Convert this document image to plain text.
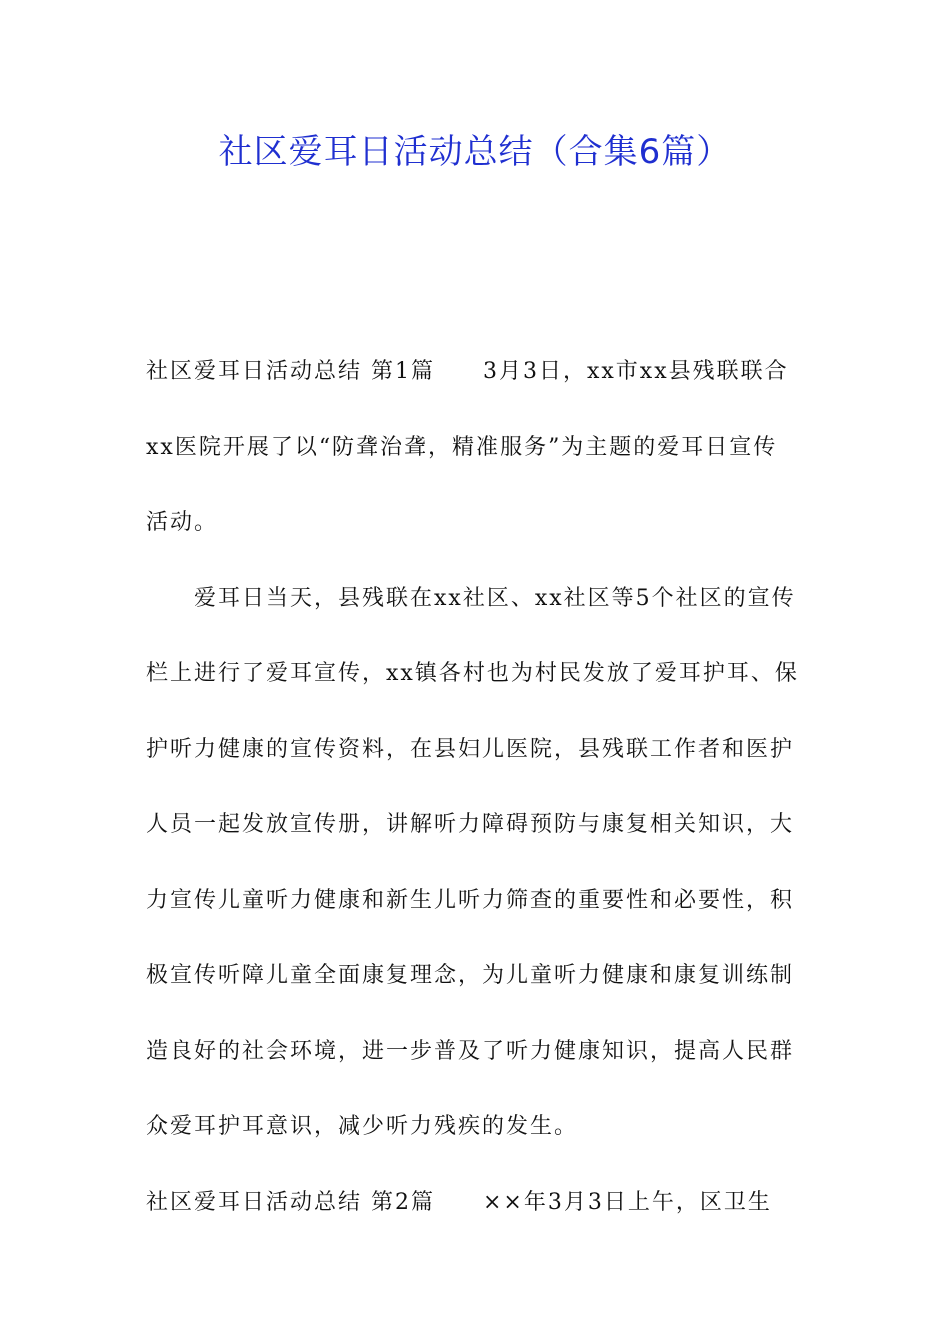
社区爱耳日活动总结（合集6篇）
社区爱耳日活动总结 第1篇 3月3日，xx市xx县残联联合
xx医院开展了以“防聋治聋，精准服务”为主题的爱耳日宣传
活动。
爱耳日当天，县残联在xx社区、xx社区等5个社区的宣传
栏上进行了爱耳宣传，xx镇各村也为村民发放了爱耳护耳、保
护听力健康的宣传资料，在县妇儿医院，县残联工作者和医护
人员一起发放宣传册，讲解听力障碍预防与康复相关知识，大
力宣传儿童听力健康和新生儿听力筛查的重要性和必要性，积
极宣传听障儿童全面康复理念，为儿童听力健康和康复训练制
造良好的社会环境，进一步普及了听力健康知识，提高人民群
众爱耳护耳意识，减少听力残疾的发生。
社区爱耳日活动总结 第2篇 ××年3月3日上午，区卫生
